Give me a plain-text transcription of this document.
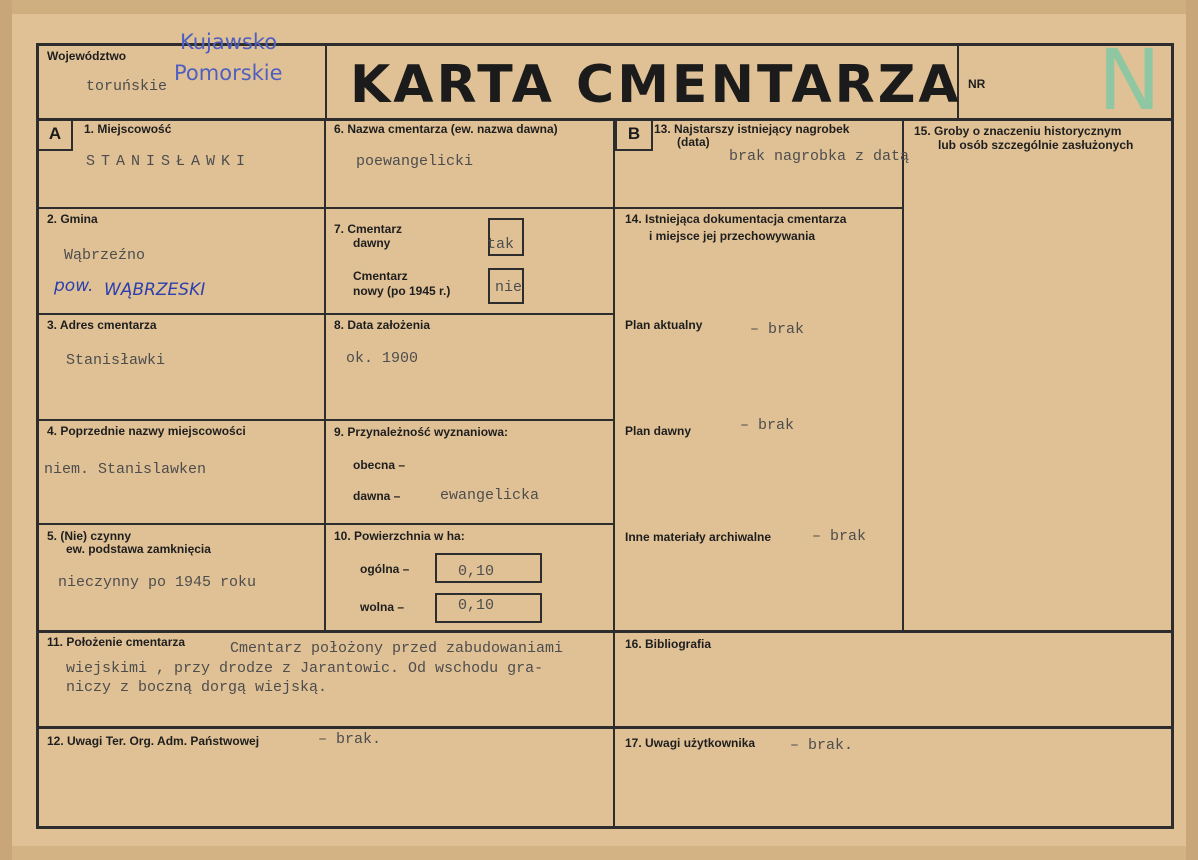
Województwo
toruńskie
Kujawsko
Pomorskie KARTA CMENTARZA NR N
A	B
1. Miejscowość
STANISŁAWKI
6. Nazwa cmentarza (ew. nazwa dawna)
poewangelicki
13. Najstarszy istniejący nagrobek
(data)
brak nagrobka z datą
15. Groby o znaczeniu historycznym
lub osób szczególnie zasłużonych
2. Gmina
Wąbrzeźno
pow. WĄBRZESKI
7. Cmentarz
dawny	tak
Cmentarz
nowy (po 1945 r.)	nie
14. Istniejąca dokumentacja cmentarza
i miejsce jej przechowywania
Plan aktualny	– brak
Plan dawny	– brak
Inne materiały archiwalne	– brak
3. Adres cmentarza
Stanisławki
8. Data założenia
ok. 1900
4. Poprzednie nazwy miejscowości
niem. Stanislawken
9. Przynależność wyznaniowa:
obecna –
dawna –	ewangelicka
5. (Nie) czynny
ew. podstawa zamknięcia
nieczynny po 1945 roku
10. Powierzchnia w ha:
ogólna –	0,10
wolna –	0,10
11. Położenie cmentarza	Cmentarz położony przed zabudowaniami
wiejskimi , przy drodze z Jarantowic. Od wschodu gra-
niczy z boczną dorgą wiejską.
16. Bibliografia
12. Uwagi Ter. Org. Adm. Państwowej	– brak.	17. Uwagi użytkownika – brak.
